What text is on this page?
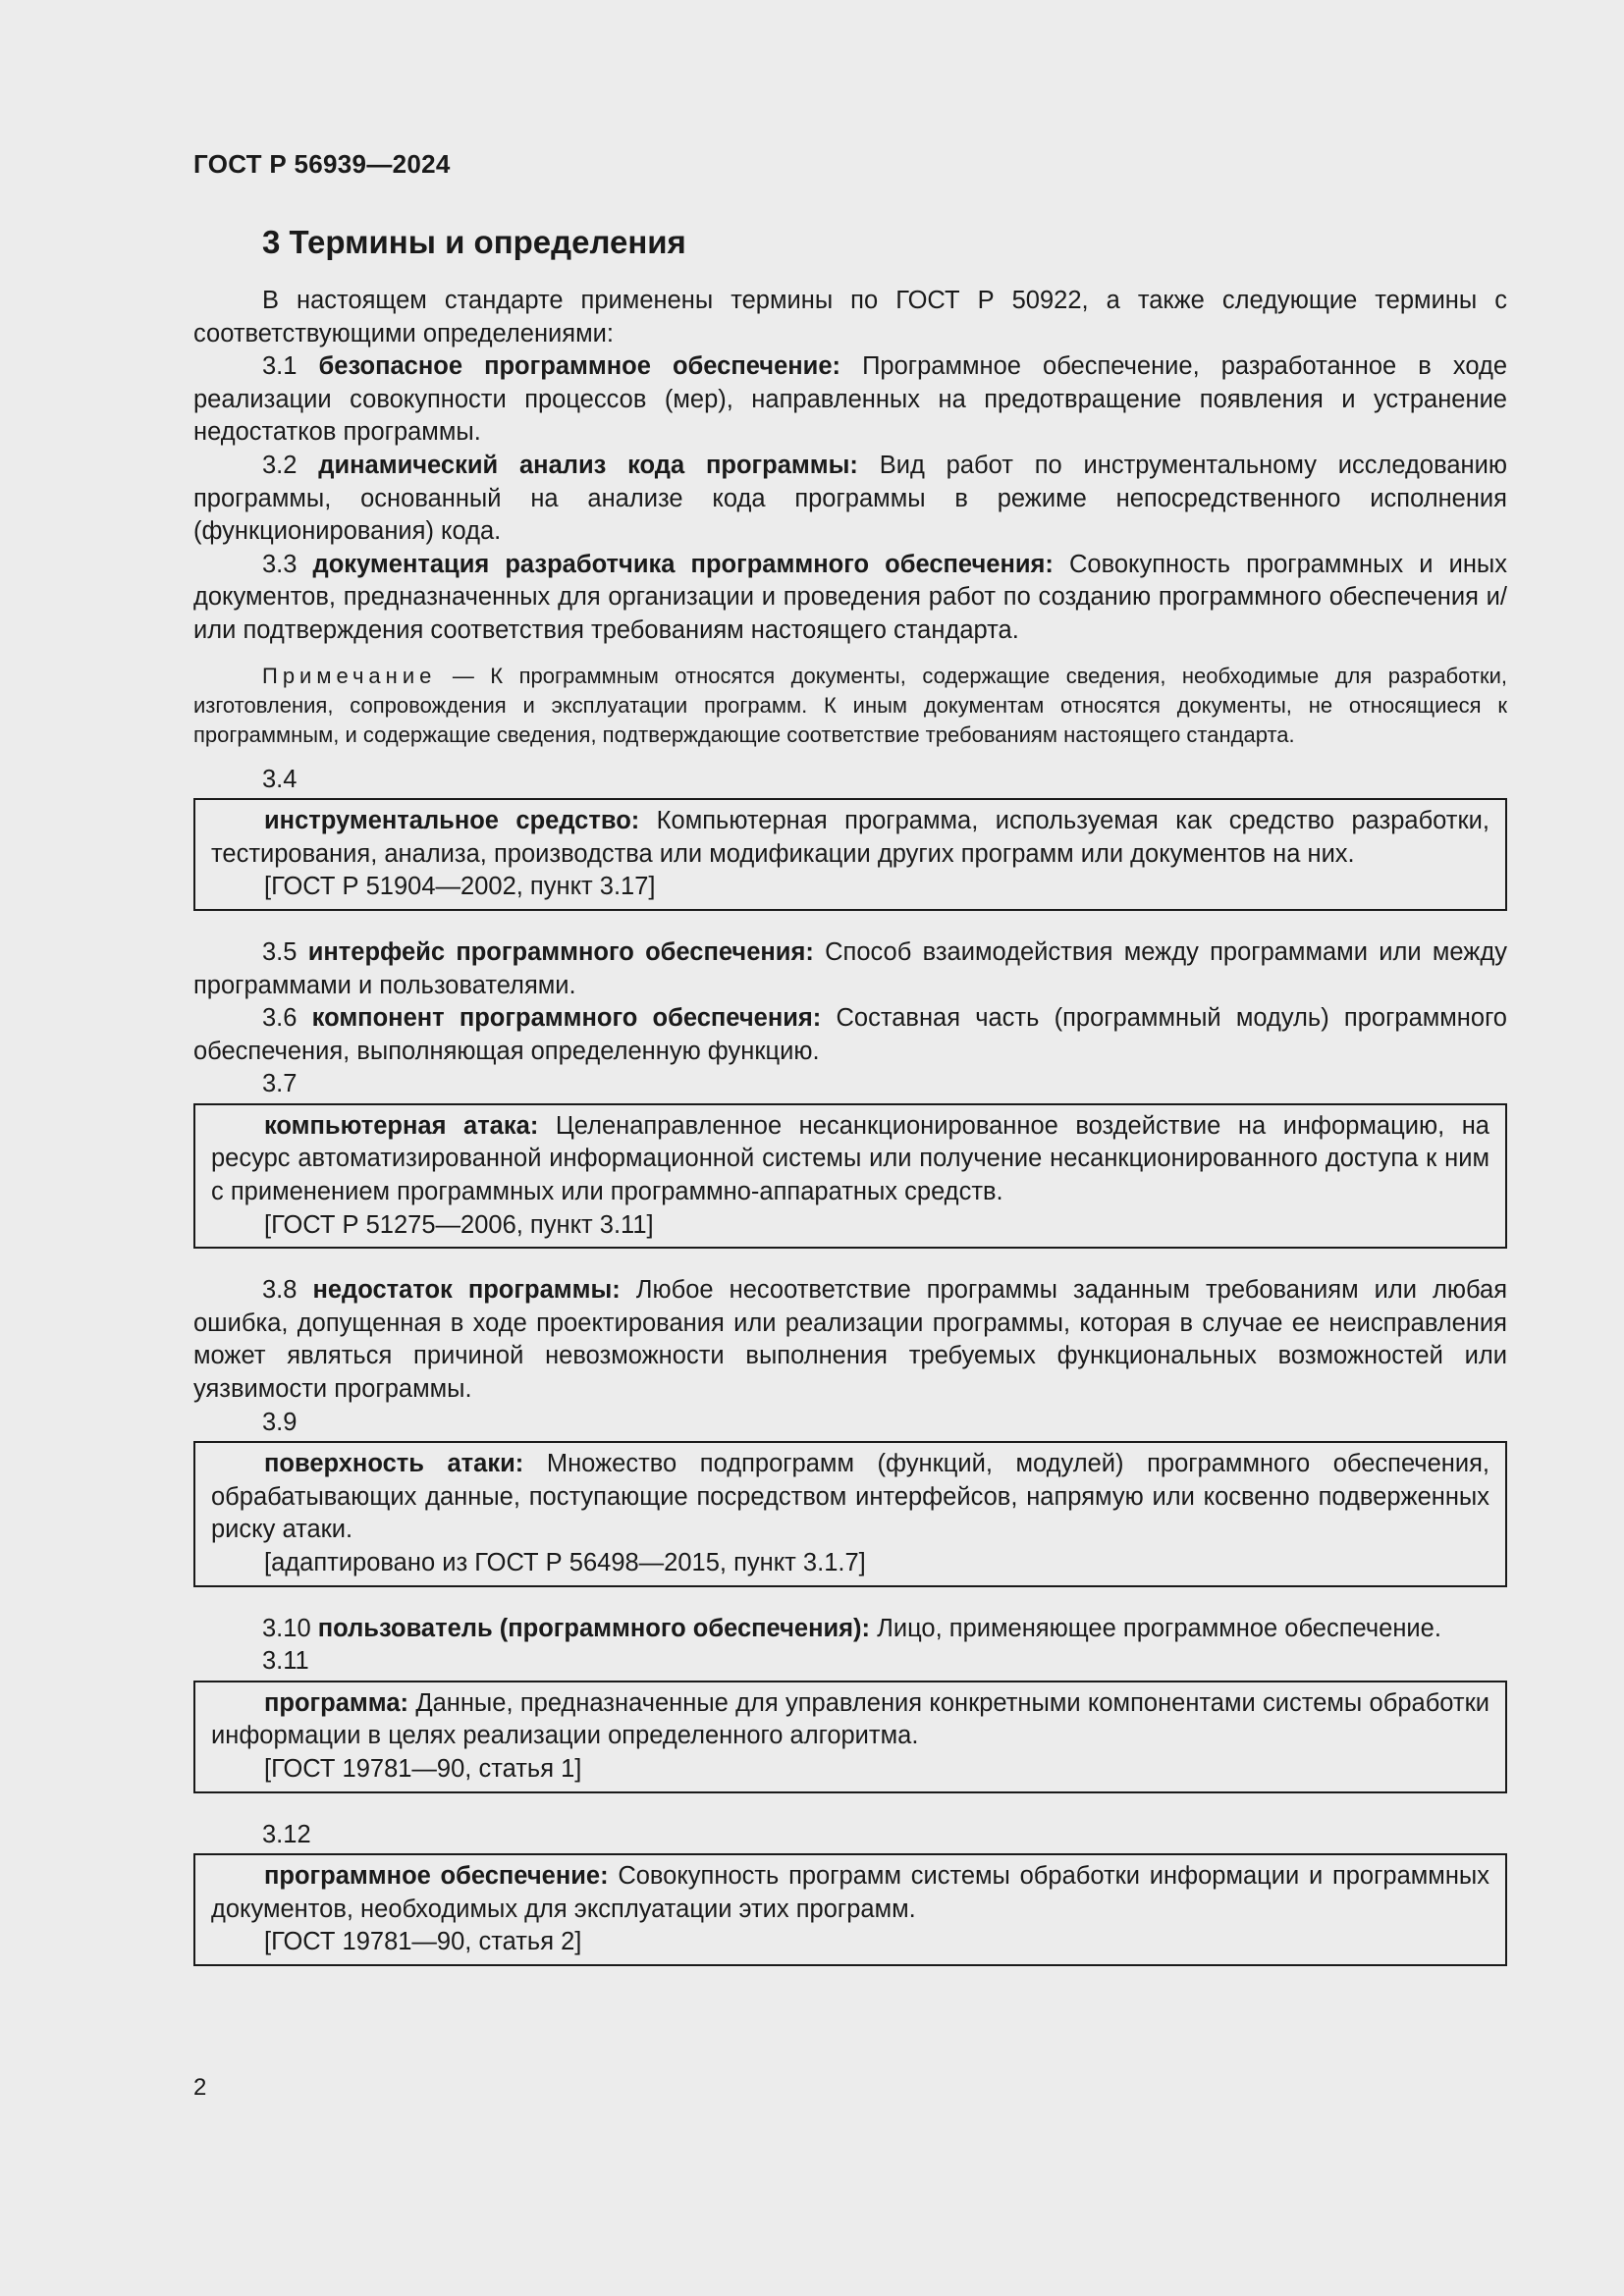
ГОСТ Р 56939—2024
3 Термины и определения

В настоящем стандарте применены термины по ГОСТ Р 50922, а также следующие термины с соответствующими определениями:

3.1 безопасное программное обеспечение: Программное обеспечение, разработанное в ходе реализации совокупности процессов (мер), направленных на предотвращение появления и устранение недостатков программы.

3.2 динамический анализ кода программы: Вид работ по инструментальному исследованию программы, основанный на анализе кода программы в режиме непосредственного исполнения (функционирования) кода.

3.3 документация разработчика программного обеспечения: Совокупность программных и иных документов, предназначенных для организации и проведения работ по созданию программного обеспечения и/или подтверждения соответствия требованиям настоящего стандарта.

Примечание — К программным относятся документы, содержащие сведения, необходимые для разработки, изготовления, сопровождения и эксплуатации программ. К иным документам относятся документы, не относящиеся к программным, и содержащие сведения, подтверждающие соответствие требованиям настоящего стандарта.

3.4

инструментальное средство: Компьютерная программа, используемая как средство разработки, тестирования, анализа, производства или модификации других программ или документов на них.

[ГОСТ Р 51904—2002, пункт 3.17]

3.5 интерфейс программного обеспечения: Способ взаимодействия между программами или между программами и пользователями.

3.6 компонент программного обеспечения: Составная часть (программный модуль) программного обеспечения, выполняющая определенную функцию.

3.7

компьютерная атака: Целенаправленное несанкционированное воздействие на информацию, на ресурс автоматизированной информационной системы или получение несанкционированного доступа к ним с применением программных или программно-аппаратных средств.

[ГОСТ Р 51275—2006, пункт 3.11]

3.8 недостаток программы: Любое несоответствие программы заданным требованиям или любая ошибка, допущенная в ходе проектирования или реализации программы, которая в случае ее неисправления может являться причиной невозможности выполнения требуемых функциональных возможностей или уязвимости программы.

3.9

поверхность атаки: Множество подпрограмм (функций, модулей) программного обеспечения, обрабатывающих данные, поступающие посредством интерфейсов, напрямую или косвенно подверженных риску атаки.

[адаптировано из ГОСТ Р 56498—2015, пункт 3.1.7]

3.10 пользователь (программного обеспечения): Лицо, применяющее программное обеспечение.

3.11

программа: Данные, предназначенные для управления конкретными компонентами системы обработки информации в целях реализации определенного алгоритма.

[ГОСТ 19781—90, статья 1]

3.12

программное обеспечение: Совокупность программ системы обработки информации и программных документов, необходимых для эксплуатации этих программ.

[ГОСТ 19781—90, статья 2]

2
